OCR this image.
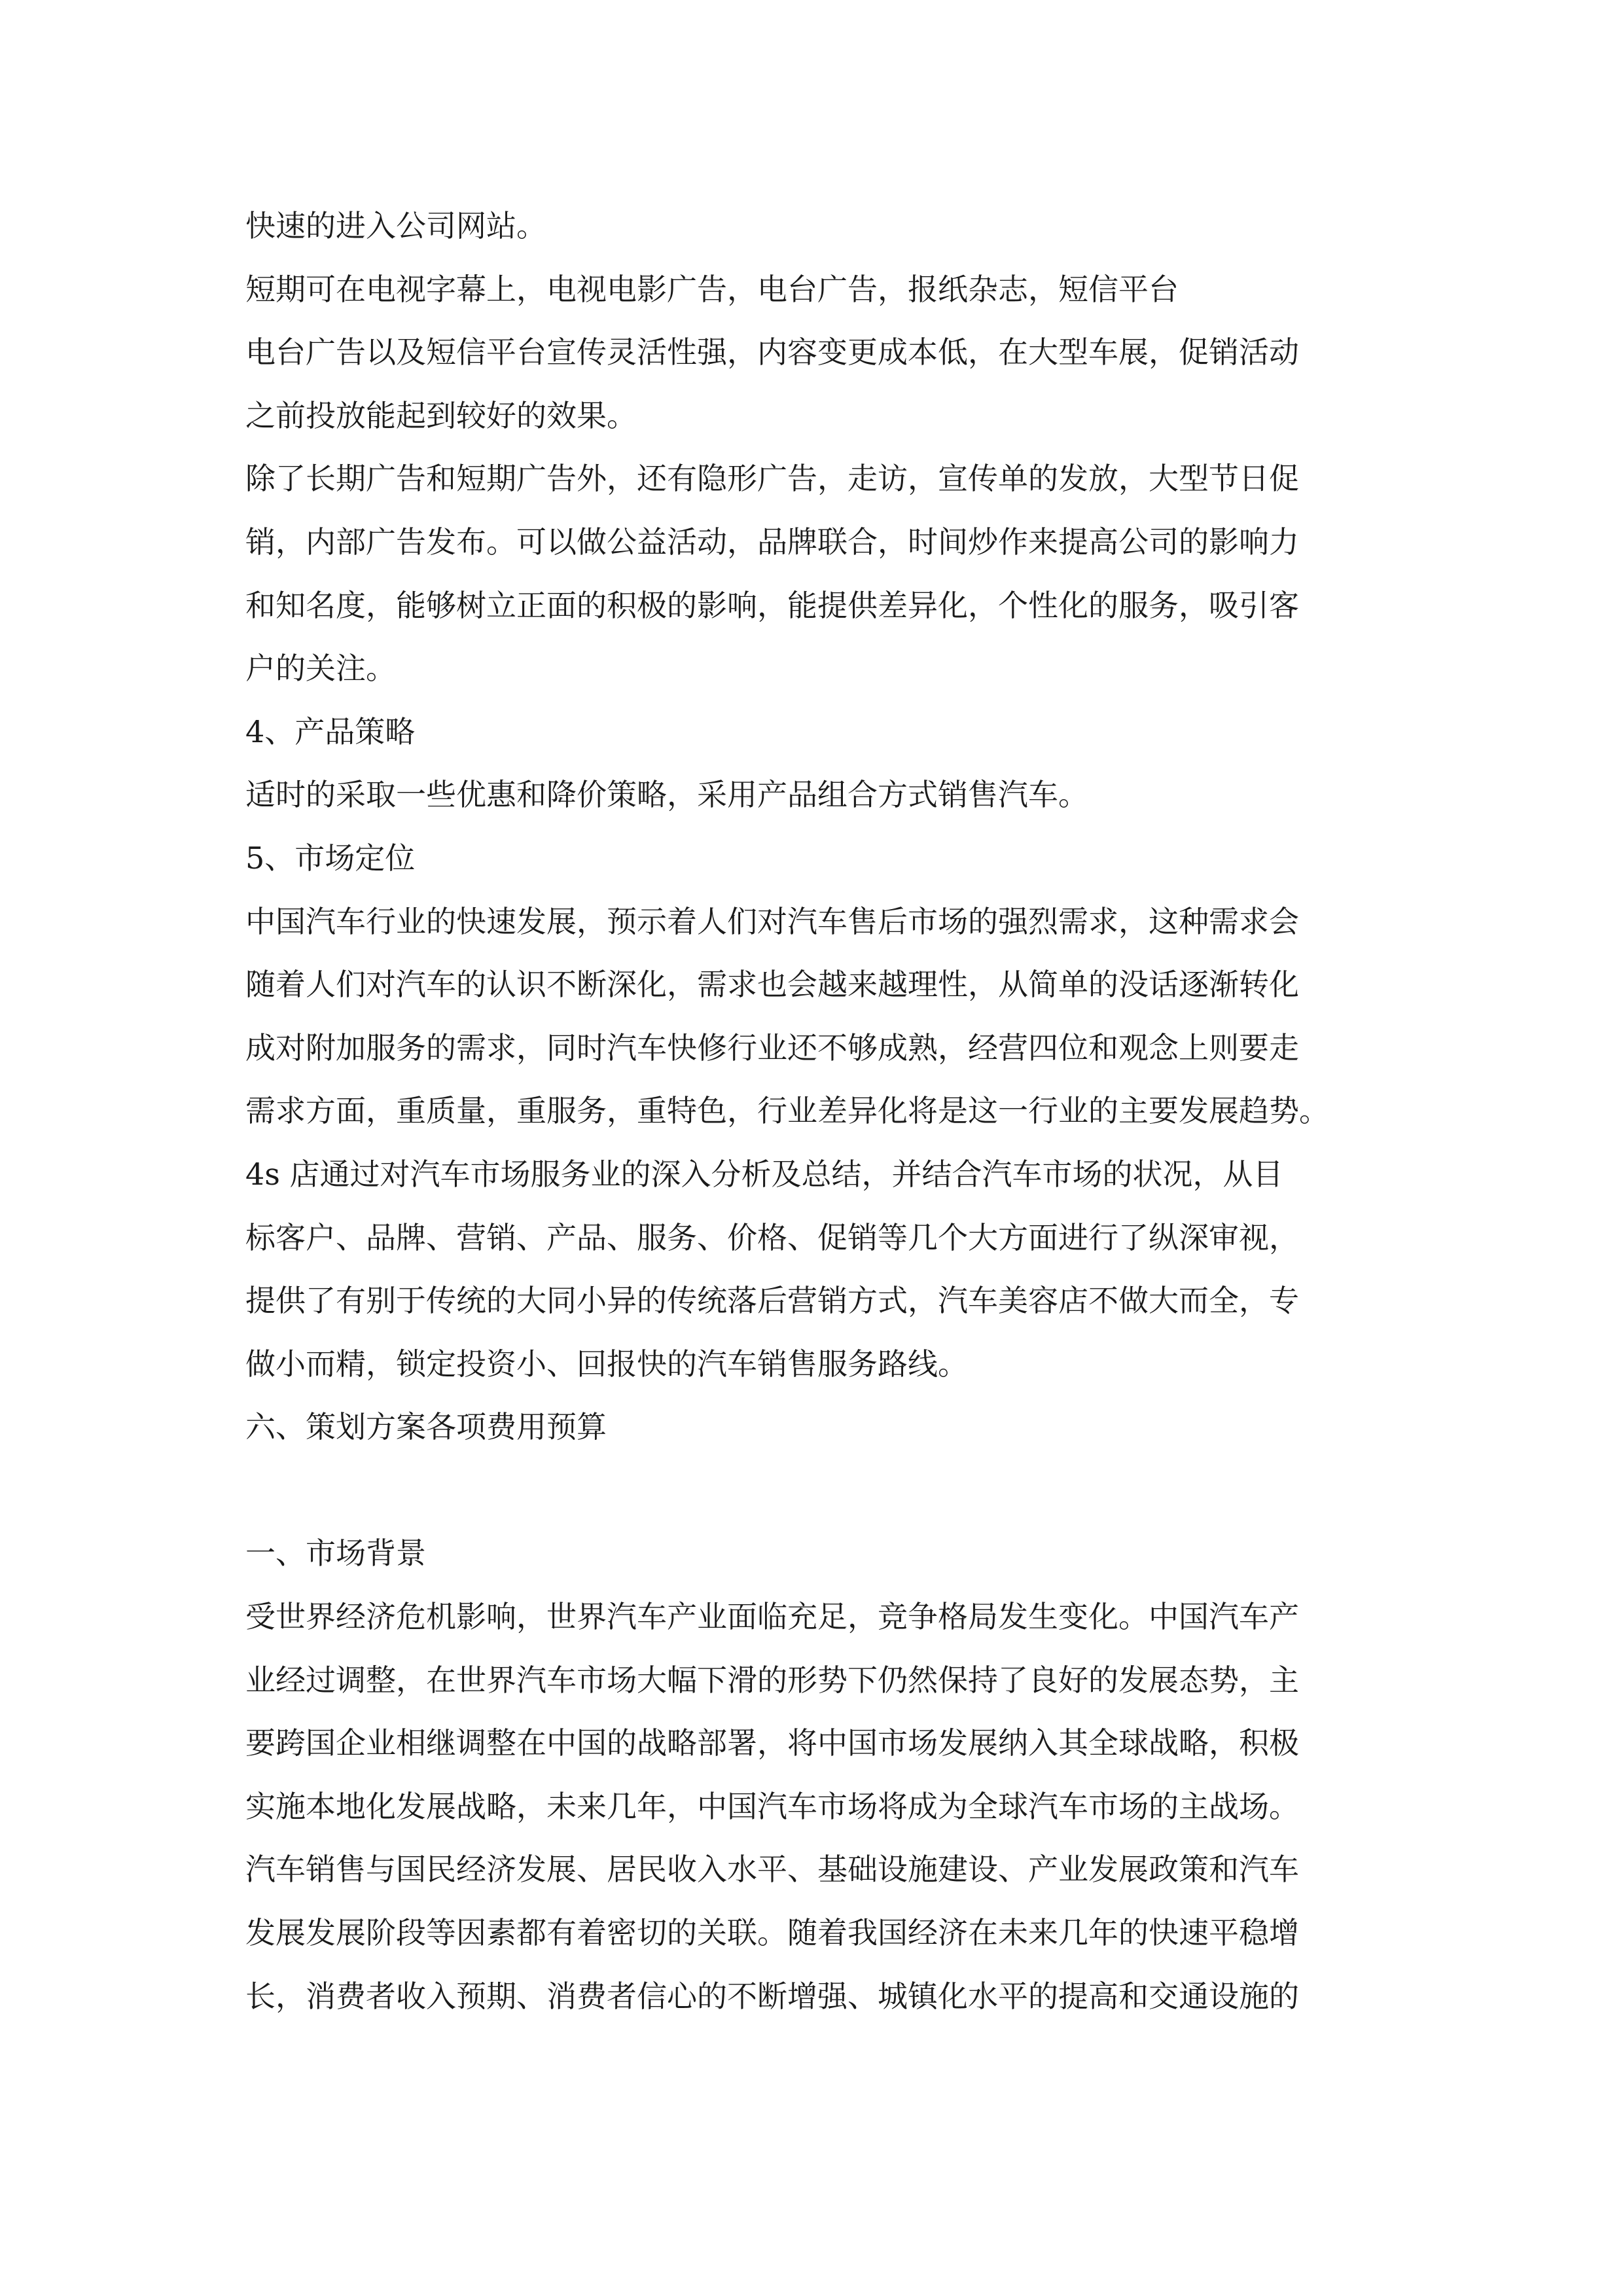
快速的进入公司网站。
短期可在电视字幕上，电视电影广告，电台广告，报纸杂志，短信平台
电台广告以及短信平台宣传灵活性强，内容变更成本低，在大型车展，促销活动
之前投放能起到较好的效果。
除了长期广告和短期广告外，还有隐形广告，走访，宣传单的发放，大型节日促
销，内部广告发布。可以做公益活动，品牌联合，时间炒作来提高公司的影响力
和知名度，能够树立正面的积极的影响，能提供差异化，个性化的服务，吸引客
户的关注。
4、产品策略
适时的采取一些优惠和降价策略，采用产品组合方式销售汽车。
5、市场定位
中国汽车行业的快速发展，预示着人们对汽车售后市场的强烈需求，这种需求会
随着人们对汽车的认识不断深化，需求也会越来越理性，从简单的没话逐渐转化
成对附加服务的需求，同时汽车快修行业还不够成熟，经营四位和观念上则要走
需求方面，重质量，重服务，重特色，行业差异化将是这一行业的主要发展趋势。
4s 店通过对汽车市场服务业的深入分析及总结，并结合汽车市场的状况，从目
标客户、品牌、营销、产品、服务、价格、促销等几个大方面进行了纵深审视，
提供了有别于传统的大同小异的传统落后营销方式，汽车美容店不做大而全，专
做小而精，锁定投资小、回报快的汽车销售服务路线。
六、策划方案各项费用预算
一、市场背景
受世界经济危机影响，世界汽车产业面临充足，竞争格局发生变化。中国汽车产
业经过调整，在世界汽车市场大幅下滑的形势下仍然保持了良好的发展态势，主
要跨国企业相继调整在中国的战略部署，将中国市场发展纳入其全球战略，积极
实施本地化发展战略，未来几年，中国汽车市场将成为全球汽车市场的主战场。
汽车销售与国民经济发展、居民收入水平、基础设施建设、产业发展政策和汽车
发展发展阶段等因素都有着密切的关联。随着我国经济在未来几年的快速平稳增
长，消费者收入预期、消费者信心的不断增强、城镇化水平的提高和交通设施的
